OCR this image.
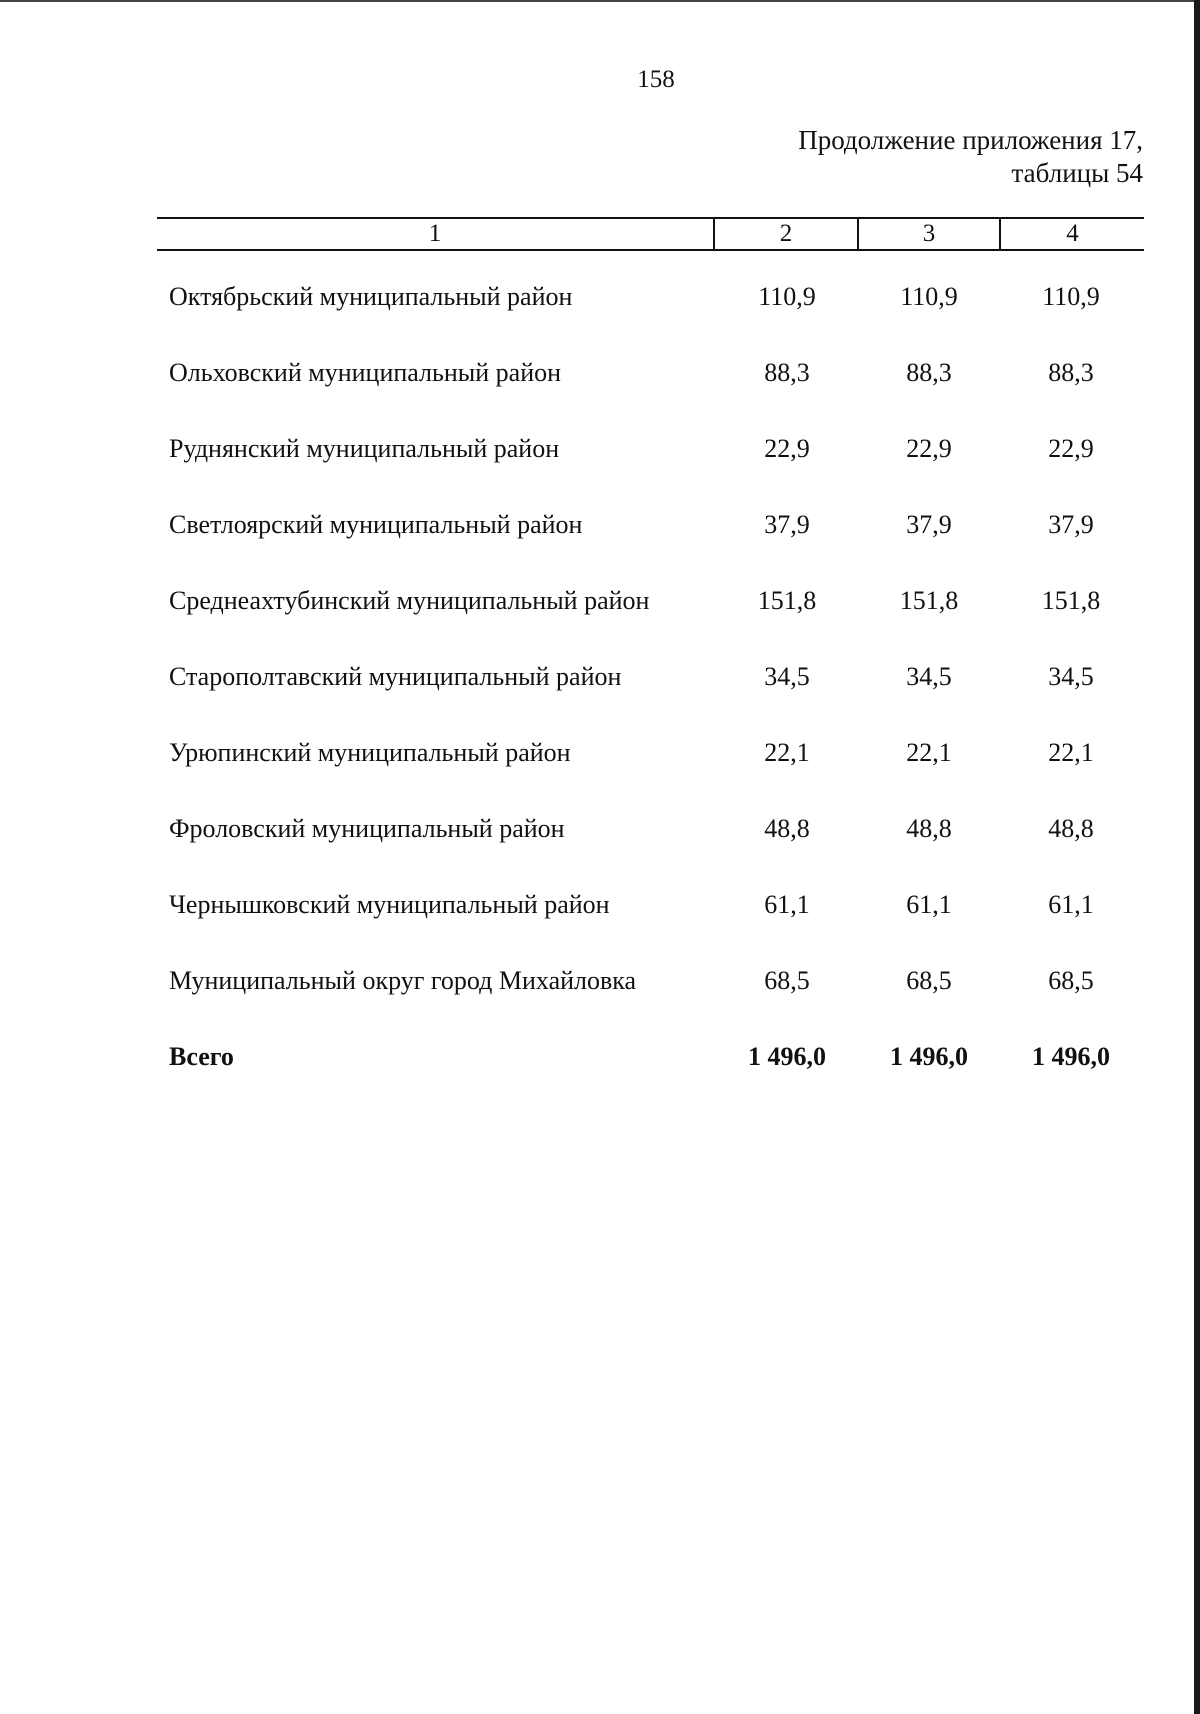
158
Продолжение приложения 17,
таблицы 54
1	2	3	4
Октябрьский муниципальный район	110,9	110,9	110,9
Ольховский муниципальный район	88,3	88,3	88,3
Руднянский муниципальный район	22,9	22,9	22,9
Светлоярский муниципальный район	37,9	37,9	37,9
Среднеахтубинский муниципальный район	151,8	151,8	151,8
Старополтавский муниципальный район	34,5	34,5	34,5
Урюпинский муниципальный район	22,1	22,1	22,1
Фроловский муниципальный район	48,8	48,8	48,8
Чернышковский муниципальный район	61,1	61,1	61,1
Муниципальный округ город Михайловка	68,5	68,5	68,5
Всего	1 496,0	1 496,0	1 496,0
